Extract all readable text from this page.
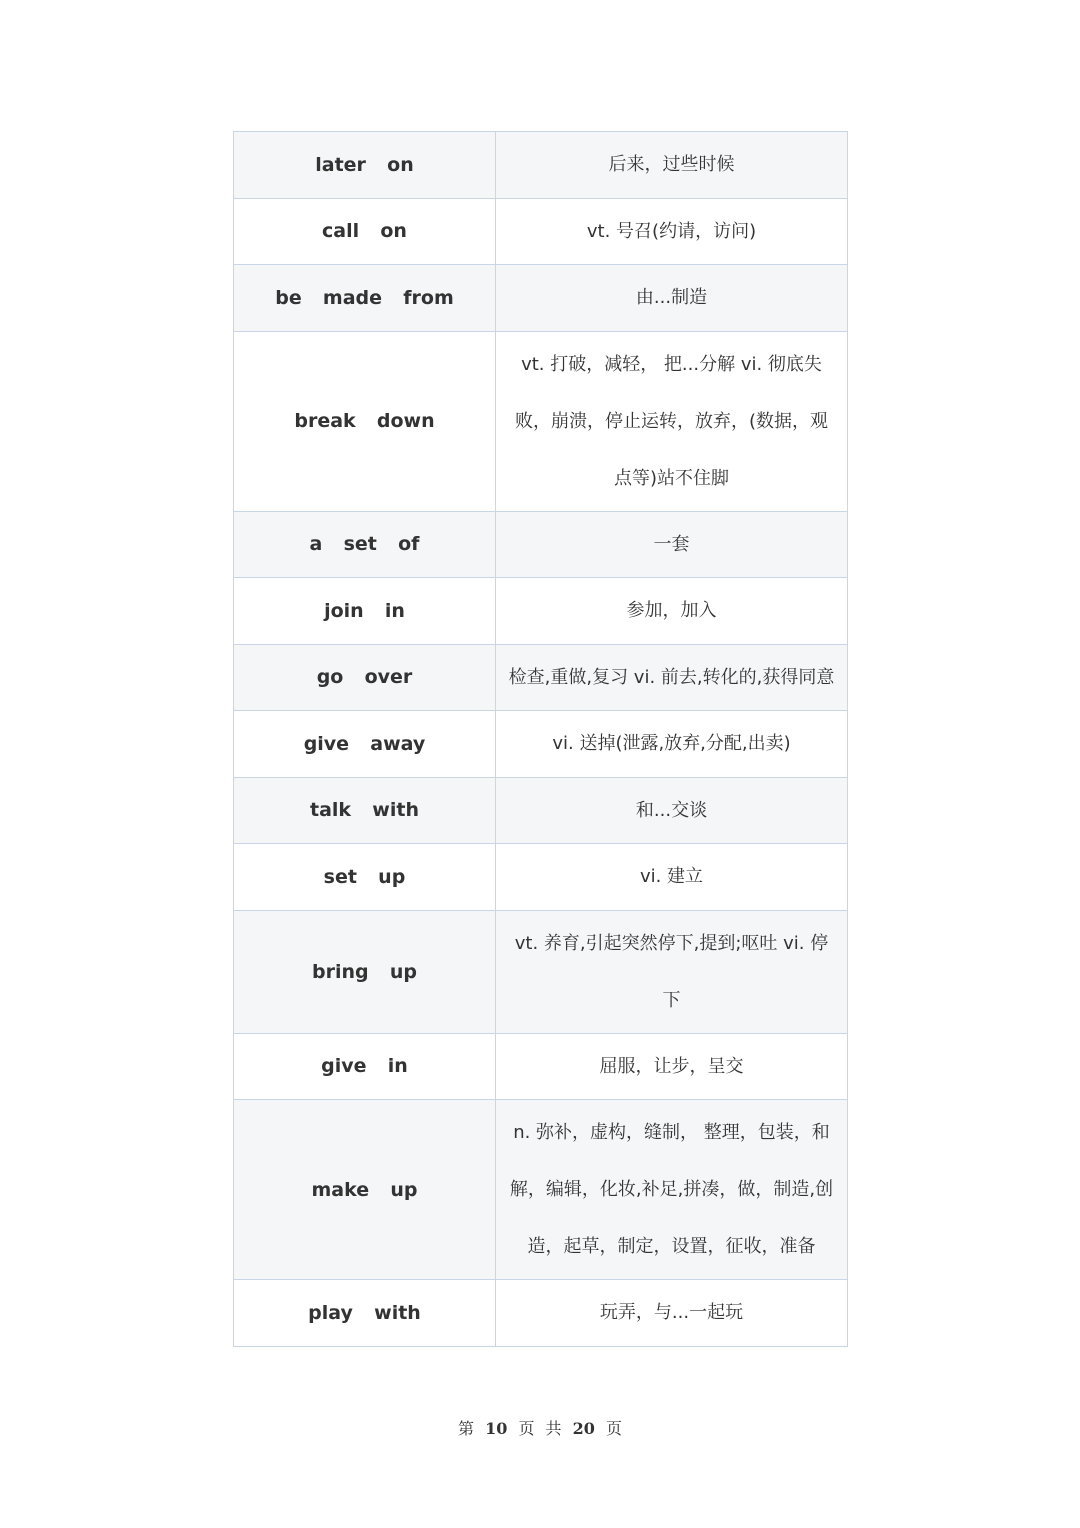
later  on	后来，过些时候
call  on	vt. 号召(约请，访问)
be  made  from	由...制造
break  down	vt. 打破，减轻， 把...分解 vi. 彻底失败，崩溃，停止运转，放弃，(数据，观点等)站不住脚
a  set  of	一套
join  in	参加，加入
go  over	检查,重做,复习 vi. 前去,转化的,获得同意
give  away	vi. 送掉(泄露,放弃,分配,出卖)
talk  with	和...交谈
set  up	vi. 建立
bring  up	vt. 养育,引起突然停下,提到;呕吐 vi. 停下
give  in	屈服，让步，呈交
make  up	n. 弥补，虚构，缝制， 整理，包装，和解，编辑，化妆,补足,拼凑，做，制造,创造，起草，制定，设置，征收，准备
play  with	玩弄，与...一起玩
第 10 页 共 20 页
